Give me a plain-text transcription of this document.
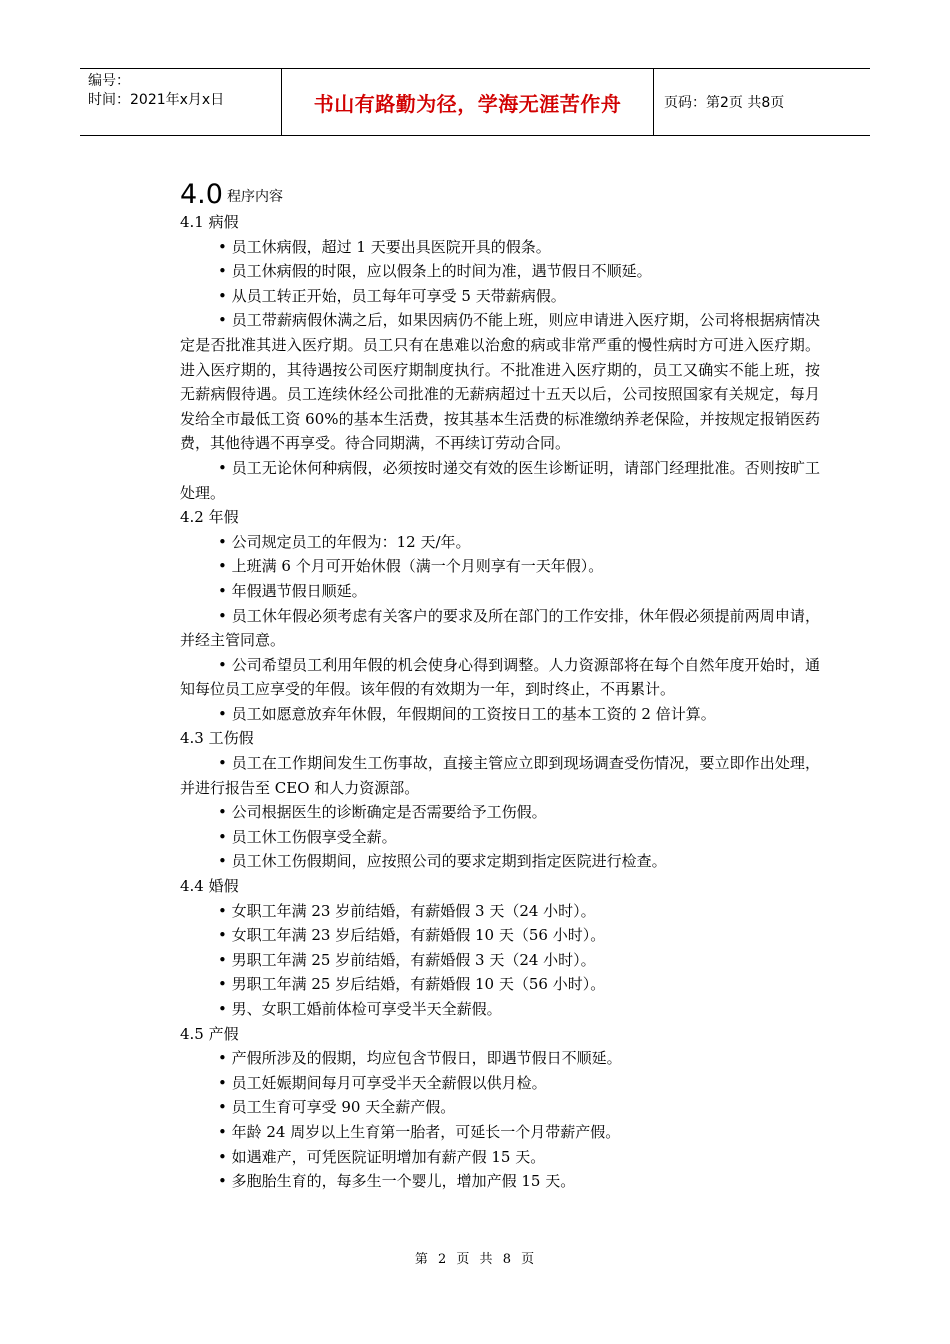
编号：
时间：2021年x月x日	书山有路勤为径，学海无涯苦作舟	页码：第2页 共8页
4.0 程序内容

4.1 病假

• 员工休病假，超过 1 天要出具医院开具的假条。

• 员工休病假的时限，应以假条上的时间为准，遇节假日不顺延。

• 从员工转正开始，员工每年可享受 5 天带薪病假。

• 员工带薪病假休满之后，如果因病仍不能上班，则应申请进入医疗期，公司将根据病情决定是否批准其进入医疗期。员工只有在患难以治愈的病或非常严重的慢性病时方可进入医疗期。进入医疗期的，其待遇按公司医疗期制度执行。不批准进入医疗期的，员工又确实不能上班，按无薪病假待遇。员工连续休经公司批准的无薪病超过十五天以后，公司按照国家有关规定，每月发给全市最低工资 60%的基本生活费，按其基本生活费的标准缴纳养老保险，并按规定报销医药费，其他待遇不再享受。待合同期满，不再续订劳动合同。

• 员工无论休何种病假，必须按时递交有效的医生诊断证明，请部门经理批准。否则按旷工处理。

4.2 年假

• 公司规定员工的年假为：12 天/年。

• 上班满 6 个月可开始休假（满一个月则享有一天年假）。

• 年假遇节假日顺延。

• 员工休年假必须考虑有关客户的要求及所在部门的工作安排，休年假必须提前两周申请，并经主管同意。

• 公司希望员工利用年假的机会使身心得到调整。人力资源部将在每个自然年度开始时，通知每位员工应享受的年假。该年假的有效期为一年，到时终止，不再累计。

• 员工如愿意放弃年休假，年假期间的工资按日工的基本工资的 2 倍计算。

4.3 工伤假

• 员工在工作期间发生工伤事故，直接主管应立即到现场调查受伤情况，要立即作出处理，并进行报告至 CEO 和人力资源部。

• 公司根据医生的诊断确定是否需要给予工伤假。

• 员工休工伤假享受全薪。

• 员工休工伤假期间，应按照公司的要求定期到指定医院进行检查。

4.4 婚假

• 女职工年满 23 岁前结婚，有薪婚假 3 天（24 小时）。

• 女职工年满 23 岁后结婚，有薪婚假 10 天（56 小时）。

• 男职工年满 25 岁前结婚，有薪婚假 3 天（24 小时）。

• 男职工年满 25 岁后结婚，有薪婚假 10 天（56 小时）。

• 男、女职工婚前体检可享受半天全薪假。

4.5 产假

• 产假所涉及的假期，均应包含节假日，即遇节假日不顺延。

• 员工妊娠期间每月可享受半天全薪假以供月检。

• 员工生育可享受 90 天全薪产假。

• 年龄 24 周岁以上生育第一胎者，可延长一个月带薪产假。

• 如遇难产，可凭医院证明增加有薪产假 15 天。

• 多胞胎生育的，每多生一个婴儿，增加产假 15 天。

第 2 页 共 8 页
